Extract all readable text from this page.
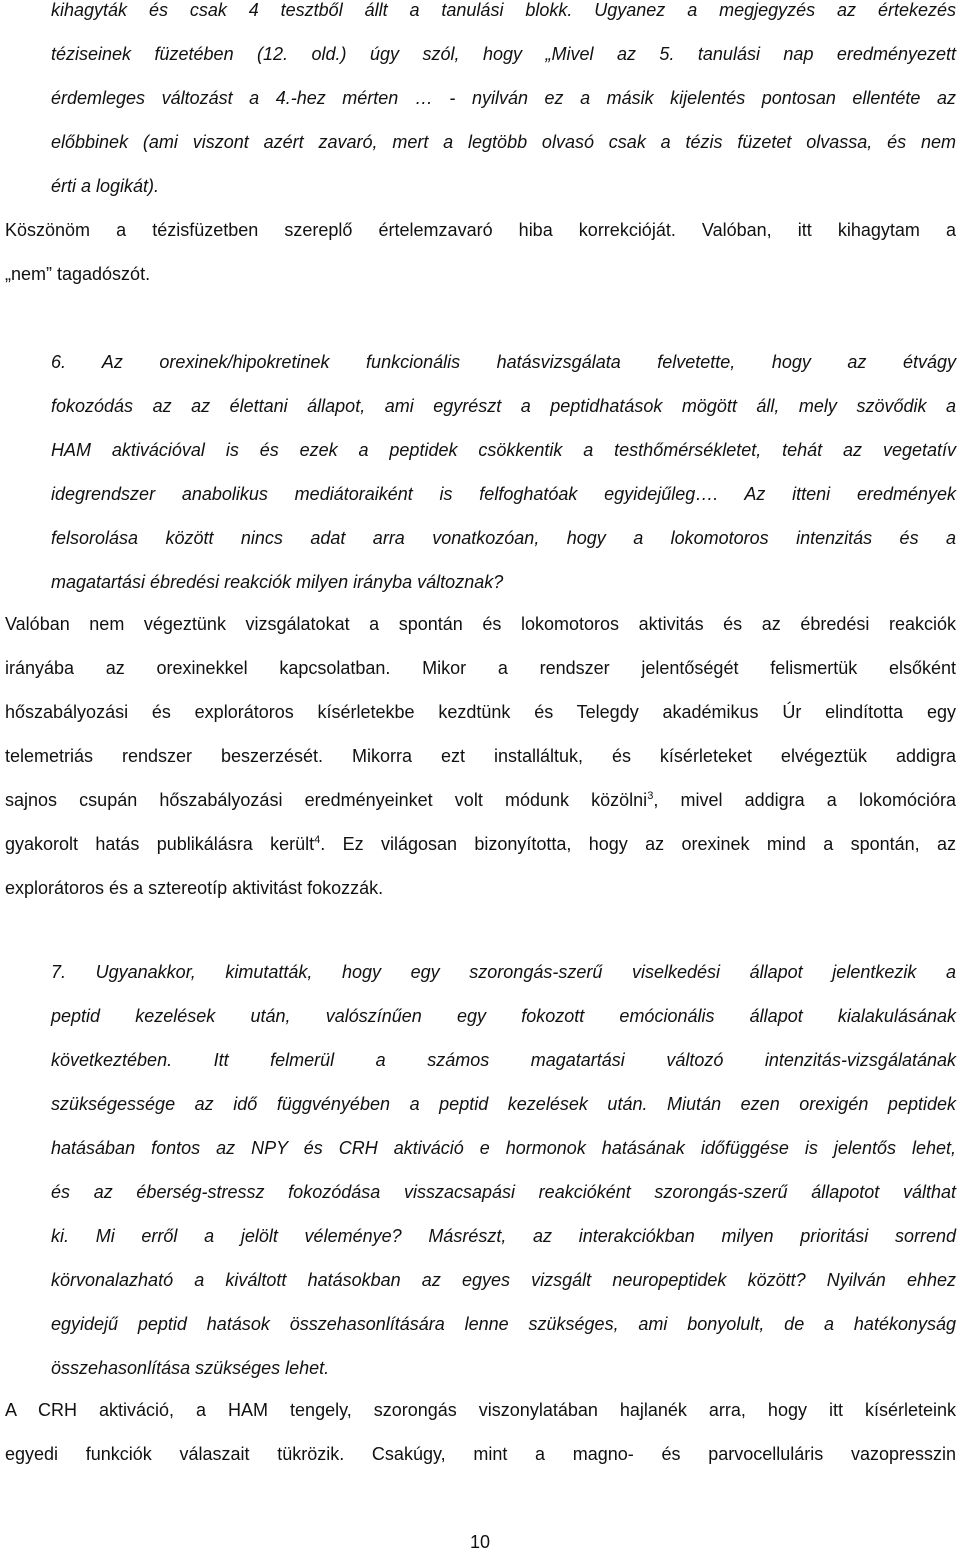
kihagyták és csak 4 tesztből állt a tanulási blokk. Ugyanez a megjegyzés az értekezés
téziseinek füzetében (12. old.) úgy szól, hogy „Mivel az 5. tanulási nap eredményezett
érdemleges változást a 4.-hez mérten … - nyilván ez a másik kijelentés pontosan ellentéte az
előbbinek (ami viszont azért zavaró, mert a legtöbb olvasó csak a tézis füzetet olvassa, és nem
érti a logikát).
Köszönöm a tézisfüzetben szereplő értelemzavaró hiba korrekcióját. Valóban, itt kihagytam a
„nem” tagadószót.
6. Az orexinek/hipokretinek funkcionális hatásvizsgálata felvetette, hogy az étvágy
fokozódás az az élettani állapot, ami egyrészt a peptidhatások mögött áll, mely szövődik a
HAM aktivációval is és ezek a peptidek csökkentik a testhőmérsékletet, tehát az vegetatív
idegrendszer anabolikus mediátoraiként is felfoghatóak egyidejűleg…. Az itteni eredmények
felsorolása között nincs adat arra vonatkozóan, hogy a lokomotoros intenzitás és a
magatartási ébredési reakciók milyen irányba változnak?
Valóban nem végeztünk vizsgálatokat a spontán és lokomotoros aktivitás és az ébredési reakciók
irányába az orexinekkel kapcsolatban. Mikor a rendszer jelentőségét felismertük elsőként
hőszabályozási és explorátoros kísérletekbe kezdtünk és Telegdy akadémikus Úr elindította egy
telemetriás rendszer beszerzését. Mikorra ezt installáltuk, és kísérleteket elvégeztük addigra
sajnos csupán hőszabályozási eredményeinket volt módunk közölni$^3$, mivel addigra a lokomócióra
gyakorolt hatás publikálásra került$^4$. Ez világosan bizonyította, hogy az orexinek mind a spontán, az
explorátoros és a sztereotíp aktivitást fokozzák.
7. Ugyanakkor, kimutatták, hogy egy szorongás-szerű viselkedési állapot jelentkezik a
peptid kezelések után, valószínűen egy fokozott emócionális állapot kialakulásának
következtében. Itt felmerül a számos magatartási változó intenzitás-vizsgálatának
szükségessége az idő függvényében a peptid kezelések után. Miután ezen orexigén peptidek
hatásában fontos az NPY és CRH aktiváció e hormonok hatásának időfüggése is jelentős lehet,
és az éberség-stressz fokozódása visszacsapási reakcióként szorongás-szerű állapotot válthat
ki. Mi erről a jelölt véleménye? Másrészt, az interakciókban milyen prioritási sorrend
körvonalazható a kiváltott hatásokban az egyes vizsgált neuropeptidek között? Nyilván ehhez
egyidejű peptid hatások összehasonlítására lenne szükséges, ami bonyolult, de a hatékonyság
összehasonlítása szükséges lehet.
A CRH aktiváció, a HAM tengely, szorongás viszonylatában hajlanék arra, hogy itt kísérleteink
egyedi funkciók válaszait tükrözik. Csakúgy, mint a magno- és parvocelluláris vazopresszin
10
